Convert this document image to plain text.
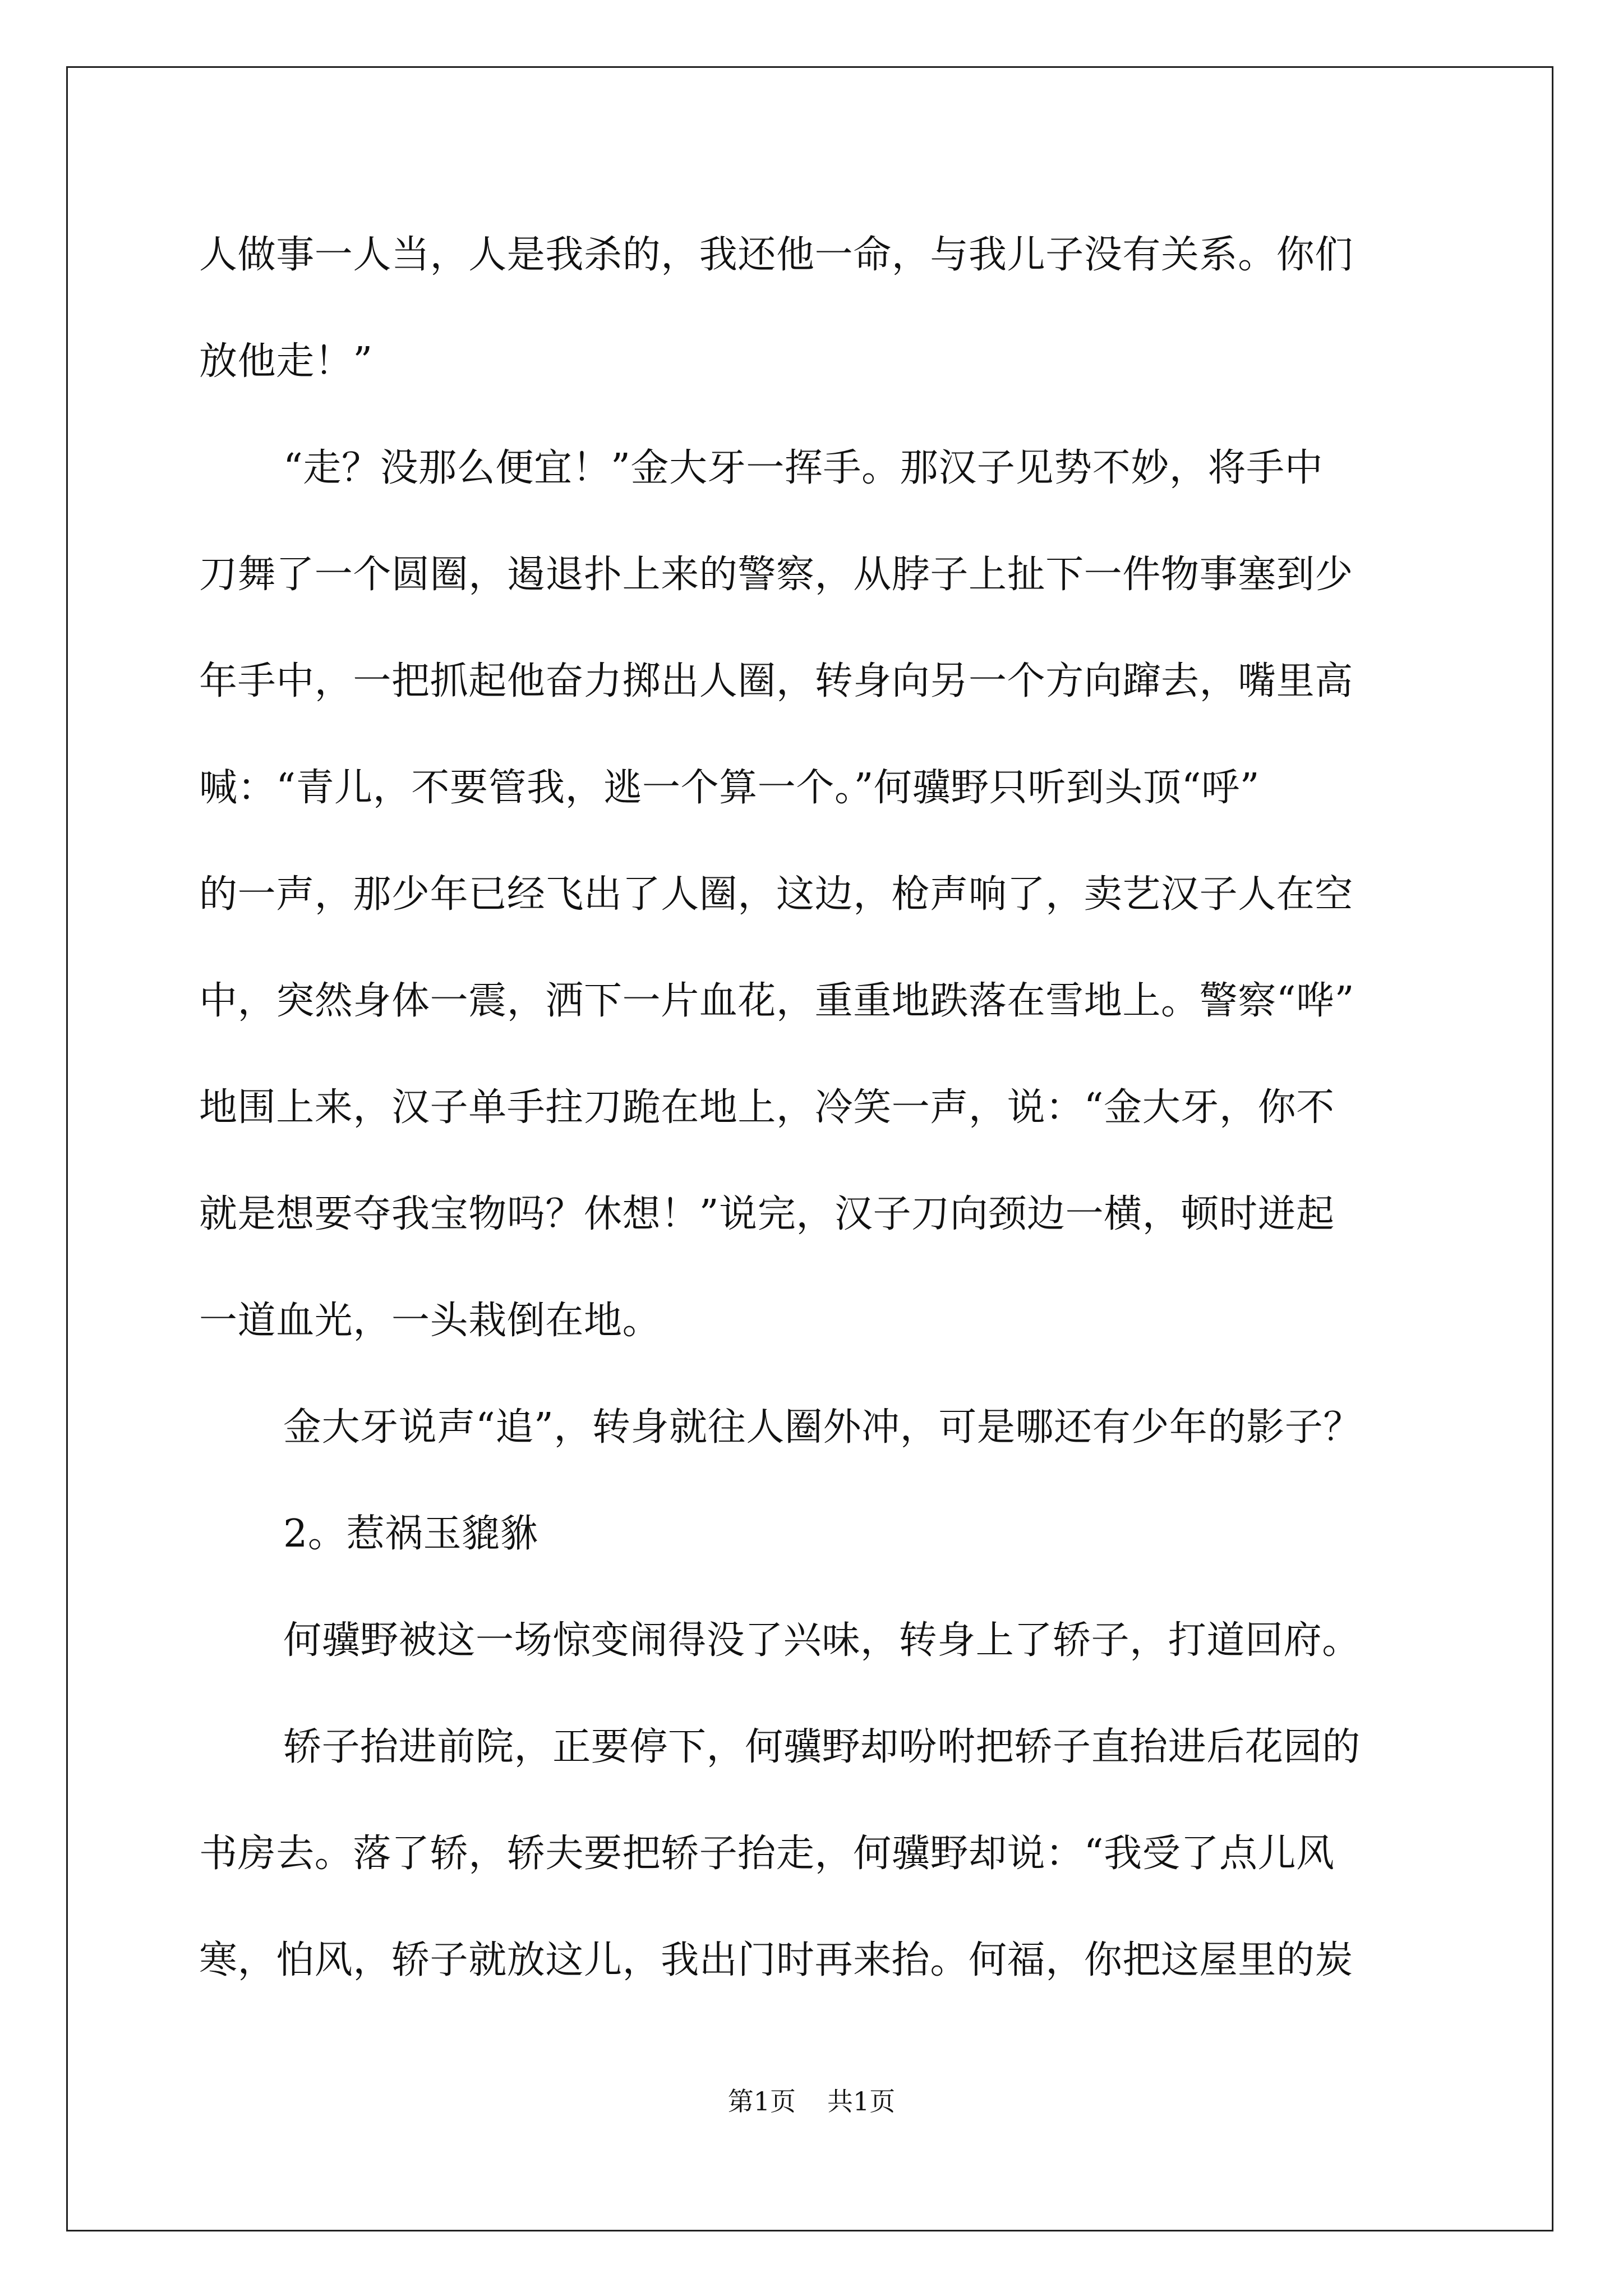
人做事一人当，人是我杀的，我还他一命，与我儿子没有关系。你们
放他走！”
“走？没那么便宜！”金大牙一挥手。那汉子见势不妙，将手中
刀舞了一个圆圈，遏退扑上来的警察，从脖子上扯下一件物事塞到少
年手中，一把抓起他奋力掷出人圈，转身向另一个方向蹿去，嘴里高
喊：“青儿，不要管我，逃一个算一个。”何骥野只听到头顶“呼”
的一声，那少年已经飞出了人圈，这边，枪声响了，卖艺汉子人在空
中，突然身体一震，洒下一片血花，重重地跌落在雪地上。警察“哗”
地围上来，汉子单手拄刀跪在地上，冷笑一声，说：“金大牙，你不
就是想要夺我宝物吗？休想！”说完，汉子刀向颈边一横，顿时迸起
一道血光，一头栽倒在地。
金大牙说声“追”，转身就往人圈外冲，可是哪还有少年的影子？
2。惹祸玉貔貅
何骥野被这一场惊变闹得没了兴味，转身上了轿子，打道回府。
轿子抬进前院，正要停下，何骥野却吩咐把轿子直抬进后花园的
书房去。落了轿，轿夫要把轿子抬走，何骥野却说：“我受了点儿风
寒，怕风，轿子就放这儿，我出门时再来抬。何福，你把这屋里的炭
第1页 共1页
